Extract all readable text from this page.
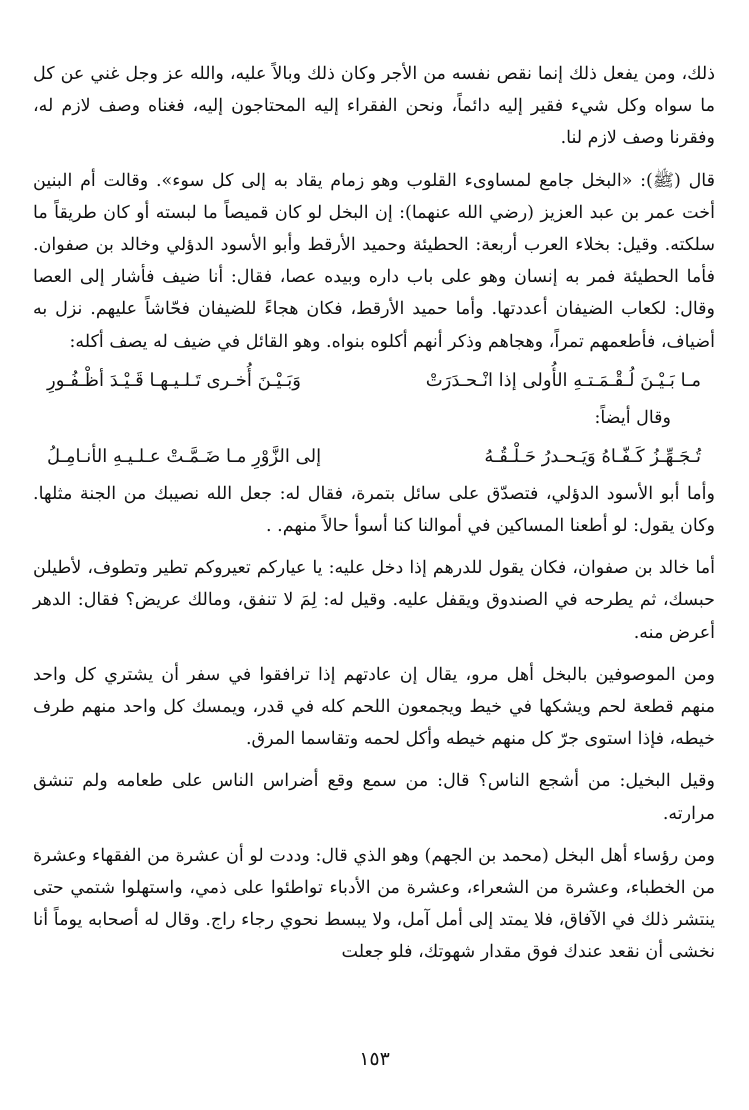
ذلك، ومن يفعل ذلك إنما نقص نفسه من الأجر وكان ذلك وبالاً عليه، والله عز وجل غني عن كل ما سواه وكل شيء فقير إليه دائماً، ونحن الفقراء إليه المحتاجون إليه، فغناه وصف لازم له، وفقرنا وصف لازم لنا.

قال (ﷺ): «البخل جامع لمساوىء القلوب وهو زمام يقاد به إلى كل سوء». وقالت أم البنين أخت عمر بن عبد العزيز (رضي الله عنهما): إن البخل لو كان قميصاً ما لبسته أو كان طريقاً ما سلكته. وقيل: بخلاء العرب أربعة: الحطيئة وحميد الأرقط وأبو الأسود الدؤلي وخالد بن صفوان. فأما الحطيئة فمر به إنسان وهو على باب داره وبيده عصا، فقال: أنا ضيف فأشار إلى العصا وقال: لكعاب الضيفان أعددتها. وأما حميد الأرقط، فكان هجاءً للضيفان فحّاشاً عليهم. نزل به أضياف، فأطعمهم تمراً، وهجاهم وذكر أنهم أكلوه بنواه. وهو القائل في ضيف له يصف أكله:

مـا بَـيْـنَ لُـقْـمَـتـهِ الأُولى إذا انْـحـدَرَتْ
وَبَـيْـنَ أُخـرى تَـلـيـهـا قَـيْـدَ أظْـفُـورِ
وقال أيضاً:
تُـجَـهِّـزُ كَـفّـاهُ وَيَـحـدرُ حَـلْـقُـهُ
إلى الزَّوْرِ مـا ضَـمَّـتْ عـلـيـهِ الأنـامِـلُ

وأما أبو الأسود الدؤلي، فتصدّق على سائل بتمرة، فقال له: جعل الله نصيبك من الجنة مثلها. وكان يقول: لو أطعنا المساكين في أموالنا كنا أسوأ حالاً منهم. .

أما خالد بن صفوان، فكان يقول للدرهم إذا دخل عليه: يا عياركم تعيروكم تطير وتطوف، لأطيلن حبسك، ثم يطرحه في الصندوق ويقفل عليه. وقيل له: لِمَ لا تنفق، ومالك عريض؟ فقال: الدهر أعرض منه.

ومن الموصوفين بالبخل أهل مرو، يقال إن عادتهم إذا ترافقوا في سفر أن يشتري كل واحد منهم قطعة لحم ويشكها في خيط ويجمعون اللحم كله في قدر، ويمسك كل واحد منهم طرف خيطه، فإذا استوى جرّ كل منهم خيطه وأكل لحمه وتقاسما المرق.

وقيل البخيل: من أشجع الناس؟ قال: من سمع وقع أضراس الناس على طعامه ولم تنشق مرارته.

ومن رؤساء أهل البخل (محمد بن الجهم) وهو الذي قال: وددت لو أن عشرة من الفقهاء وعشرة من الخطباء، وعشرة من الشعراء، وعشرة من الأدباء تواطئوا على ذمي، واستهلوا شتمي حتى ينتشر ذلك في الآفاق، فلا يمتد إلى أمل آمل، ولا يبسط نحوي رجاء راج. وقال له أصحابه يوماً أنا نخشى أن نقعد عندك فوق مقدار شهوتك، فلو جعلت

١٥٣
